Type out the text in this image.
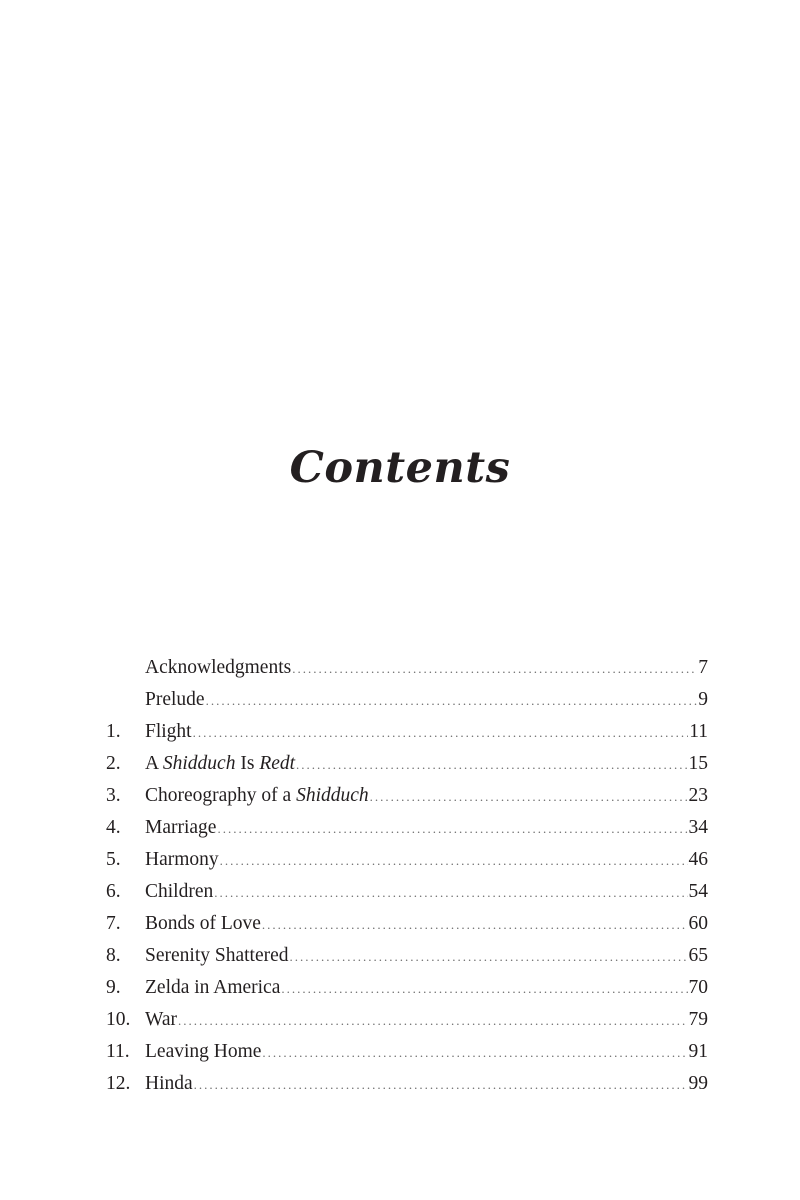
Contents
Acknowledgments .....	7
Prelude .....	9
1.	Flight .....	11
2.	A Shidduch Is Redt .....	15
3.	Choreography of a Shidduch .....	23
4.	Marriage .....	34
5.	Harmony .....	46
6.	Children .....	54
7.	Bonds of Love .....	60
8.	Serenity Shattered .....	65
9.	Zelda in America .....	70
10. War .....	79
11. Leaving Home .....	91
12. Hinda .....	99
